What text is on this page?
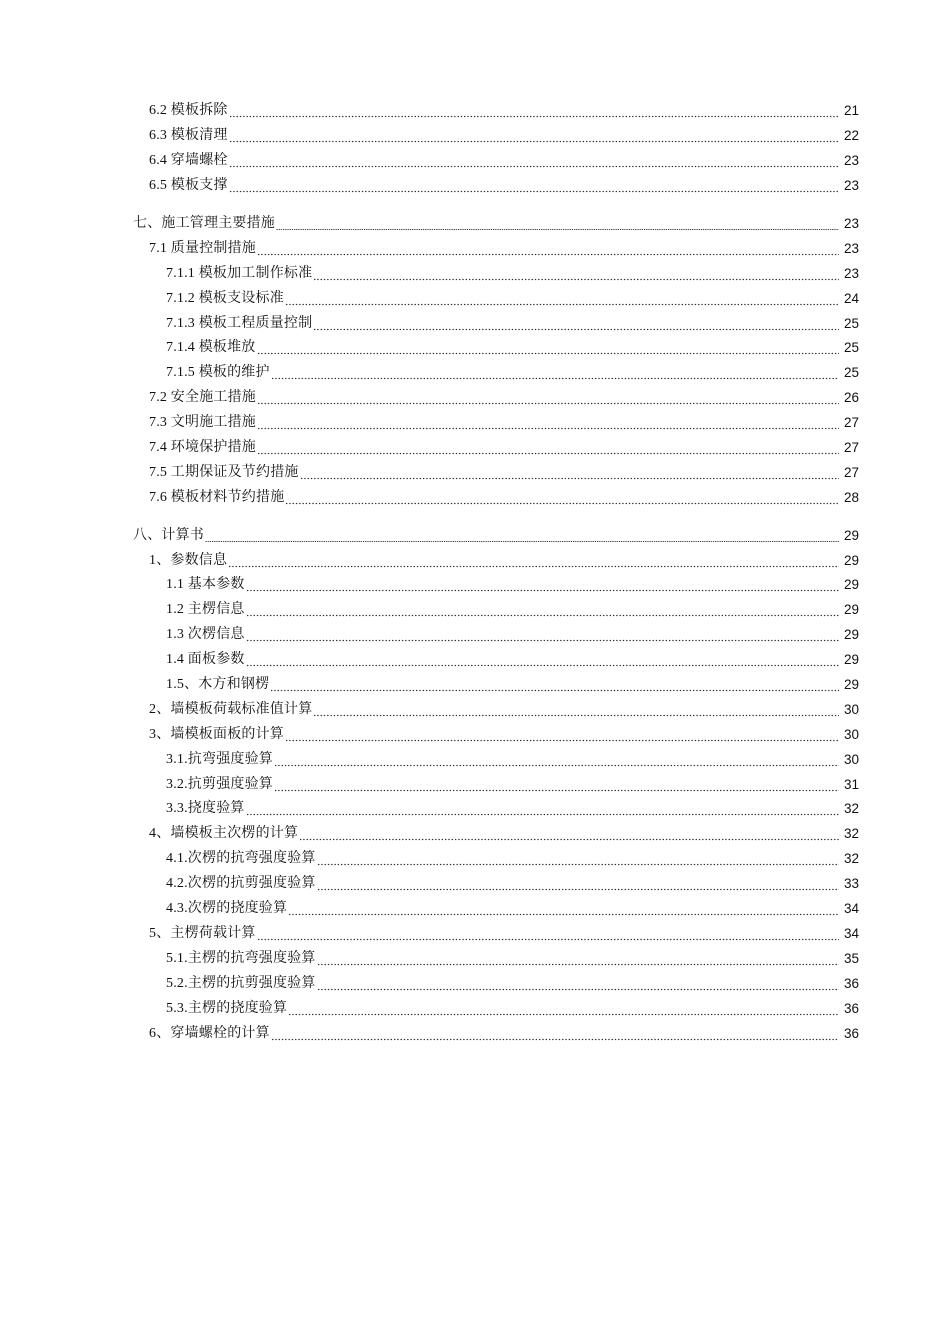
6.2 模板拆除	21
6.3 模板清理	22
6.4 穿墙螺栓	23
6.5 模板支撑	23
七、施工管理主要措施	23
7.1 质量控制措施	23
7.1.1 模板加工制作标准	23
7.1.2 模板支设标准	24
7.1.3 模板工程质量控制	25
7.1.4 模板堆放	25
7.1.5 模板的维护	25
7.2 安全施工措施	26
7.3 文明施工措施	27
7.4 环境保护措施	27
7.5 工期保证及节约措施	27
7.6 模板材料节约措施	28
八、计算书	29
1、参数信息	29
1.1 基本参数	29
1.2 主楞信息	29
1.3 次楞信息	29
1.4 面板参数	29
1.5、木方和钢楞	29
2、墙模板荷载标准值计算	30
3、墙模板面板的计算	30
3.1.抗弯强度验算	30
3.2.抗剪强度验算	31
3.3.挠度验算	32
4、墙模板主次楞的计算	32
4.1.次楞的抗弯强度验算	32
4.2.次楞的抗剪强度验算	33
4.3.次楞的挠度验算	34
5、主楞荷载计算	34
5.1.主楞的抗弯强度验算	35
5.2.主楞的抗剪强度验算	36
5.3.主楞的挠度验算	36
6、穿墙螺栓的计算	36
